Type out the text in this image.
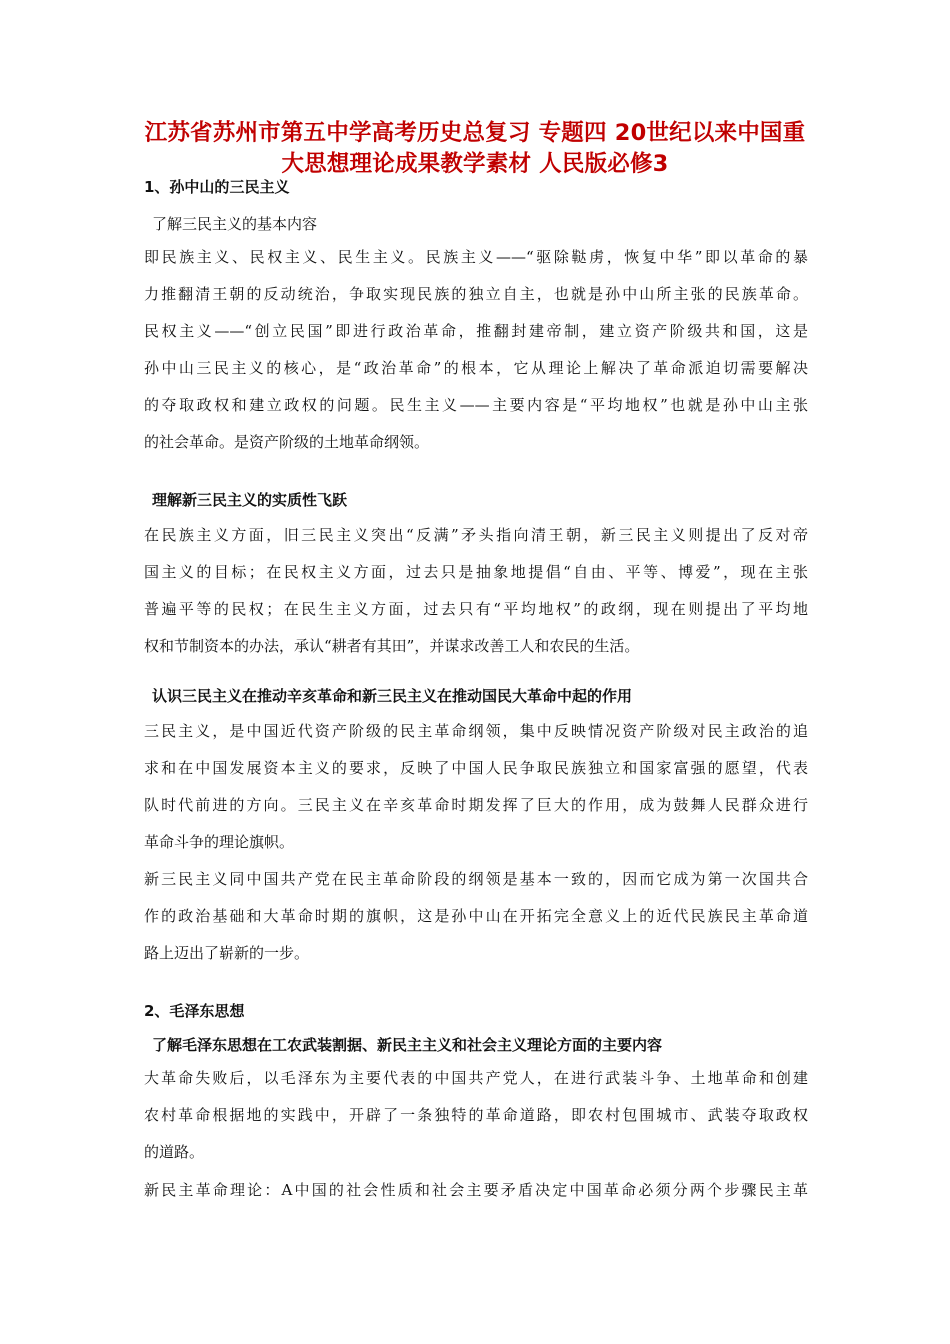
江苏省苏州市第五中学高考历史总复习 专题四 20世纪以来中国重
大思想理论成果教学素材 人民版必修3
1、孙中山的三民主义
了解三民主义的基本内容
即民族主义、民权主义、民生主义。民族主义——“驱除鞑虏，恢复中华”即以革命的暴
力推翻清王朝的反动统治，争取实现民族的独立自主，也就是孙中山所主张的民族革命。
民权主义——“创立民国”即进行政治革命，推翻封建帝制，建立资产阶级共和国，这是
孙中山三民主义的核心，是“政治革命”的根本，它从理论上解决了革命派迫切需要解决
的夺取政权和建立政权的问题。民生主义——主要内容是“平均地权”也就是孙中山主张
的社会革命。是资产阶级的土地革命纲领。
理解新三民主义的实质性飞跃
在民族主义方面，旧三民主义突出“反满”矛头指向清王朝，新三民主义则提出了反对帝
国主义的目标；在民权主义方面，过去只是抽象地提倡“自由、平等、博爱”，现在主张
普遍平等的民权；在民生主义方面，过去只有“平均地权”的政纲，现在则提出了平均地
权和节制资本的办法，承认“耕者有其田”，并谋求改善工人和农民的生活。
认识三民主义在推动辛亥革命和新三民主义在推动国民大革命中起的作用
三民主义，是中国近代资产阶级的民主革命纲领，集中反映情况资产阶级对民主政治的追
求和在中国发展资本主义的要求，反映了中国人民争取民族独立和国家富强的愿望，代表
队时代前进的方向。三民主义在辛亥革命时期发挥了巨大的作用，成为鼓舞人民群众进行
革命斗争的理论旗帜。
新三民主义同中国共产党在民主革命阶段的纲领是基本一致的，因而它成为第一次国共合
作的政治基础和大革命时期的旗帜，这是孙中山在开拓完全意义上的近代民族民主革命道
路上迈出了崭新的一步。
2、毛泽东思想
了解毛泽东思想在工农武装割据、新民主主义和社会主义理论方面的主要内容
大革命失败后，以毛泽东为主要代表的中国共产党人，在进行武装斗争、土地革命和创建
农村革命根据地的实践中，开辟了一条独特的革命道路，即农村包围城市、武装夺取政权
的道路。
新民主革命理论：A中国的社会性质和社会主要矛盾决定中国革命必须分两个步骤民主革
